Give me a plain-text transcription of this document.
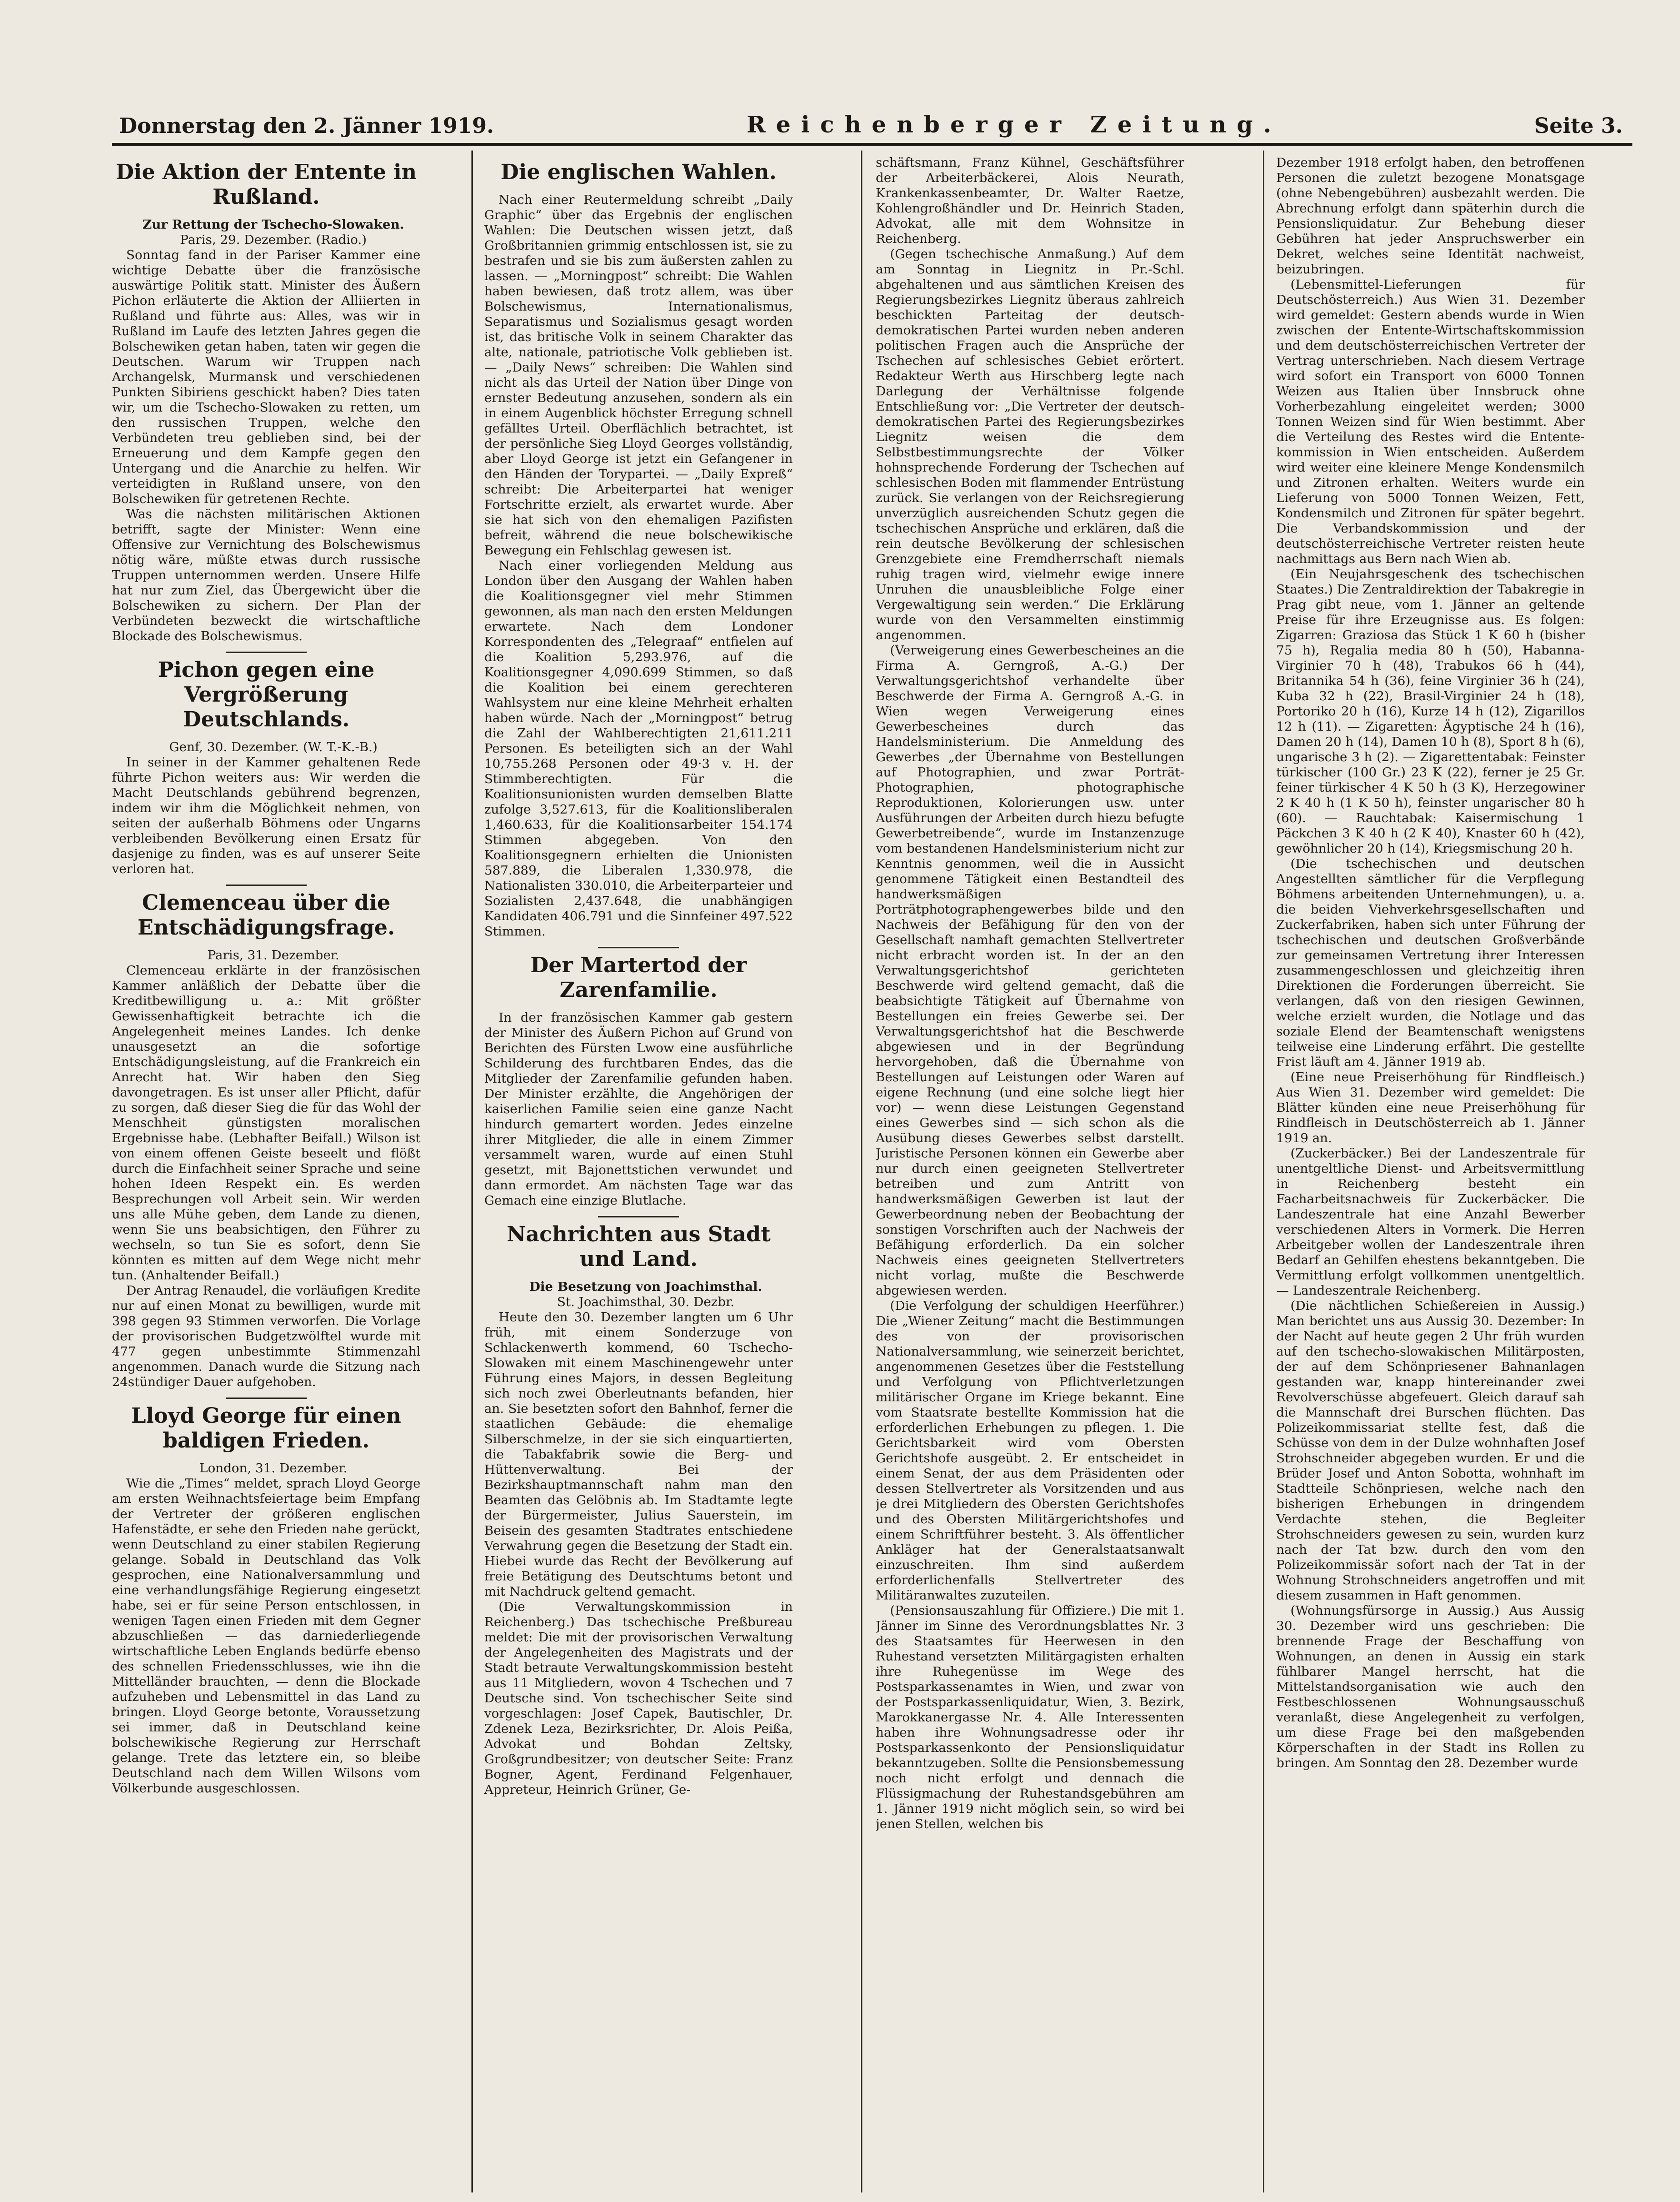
Donnerstag den 2. Jänner 1919.	Reichenberger Zeitung.	Seite 3.
Die Aktion der Entente in Rußland.

Zur Rettung der Tschecho-Slowaken.

Paris, 29. Dezember. (Radio.)

Sonntag fand in der Pariser Kammer eine wichtige Debatte über die französische auswärtige Politik statt. Minister des Äußern Pichon erläuterte die Aktion der Alliierten in Rußland und führte aus: Alles, was wir in Rußland im Laufe des letzten Jahres gegen die Bolschewiken getan haben, taten wir gegen die Deutschen. Warum wir Truppen nach Archangelsk, Murmansk und verschiedenen Punkten Sibiriens geschickt haben? Dies taten wir, um die Tschecho-Slowaken zu retten, um den russischen Truppen, welche den Verbündeten treu geblieben sind, bei der Erneuerung und dem Kampfe gegen den Untergang und die Anarchie zu helfen. Wir verteidigten in Rußland unsere, von den Bolschewiken für getretenen Rechte.

Was die nächsten militärischen Aktionen betrifft, sagte der Minister: Wenn eine Offensive zur Vernichtung des Bolschewismus nötig wäre, müßte etwas durch russische Truppen unternommen werden. Unsere Hilfe hat nur zum Ziel, das Übergewicht über die Bolschewiken zu sichern. Der Plan der Verbündeten bezweckt die wirtschaftliche Blockade des Bolschewismus.

Pichon gegen eine Vergrößerung Deutschlands.

Genf, 30. Dezember. (W. T.-K.-B.)

In seiner in der Kammer gehaltenen Rede führte Pichon weiters aus: Wir werden die Macht Deutschlands gebührend begrenzen, indem wir ihm die Möglichkeit nehmen, von seiten der außerhalb Böhmens oder Ungarns verbleibenden Bevölkerung einen Ersatz für dasjenige zu finden, was es auf unserer Seite verloren hat.

Clemenceau über die Entschädigungsfrage.

Paris, 31. Dezember.

Clemenceau erklärte in der französischen Kammer anläßlich der Debatte über die Kreditbewilligung u. a.: Mit größter Gewissenhaftigkeit betrachte ich die Angelegenheit meines Landes. Ich denke unausgesetzt an die sofortige Entschädigungsleistung, auf die Frankreich ein Anrecht hat. Wir haben den Sieg davongetragen. Es ist unser aller Pflicht, dafür zu sorgen, daß dieser Sieg die für das Wohl der Menschheit günstigsten moralischen Ergebnisse habe. (Lebhafter Beifall.) Wilson ist von einem offenen Geiste beseelt und flößt durch die Einfachheit seiner Sprache und seine hohen Ideen Respekt ein. Es werden Besprechungen voll Arbeit sein. Wir werden uns alle Mühe geben, dem Lande zu dienen, wenn Sie uns beabsichtigen, den Führer zu wechseln, so tun Sie es sofort, denn Sie könnten es mitten auf dem Wege nicht mehr tun. (Anhaltender Beifall.)

Der Antrag Renaudel, die vorläufigen Kredite nur auf einen Monat zu bewilligen, wurde mit 398 gegen 93 Stimmen verworfen. Die Vorlage der provisorischen Budgetzwölftel wurde mit 477 gegen unbestimmte Stimmenzahl angenommen. Danach wurde die Sitzung nach 24stündiger Dauer aufgehoben.

Lloyd George für einen baldigen Frieden.

London, 31. Dezember.

Wie die „Times“ meldet, sprach Lloyd George am ersten Weihnachtsfeiertage beim Empfang der Vertreter der größeren englischen Hafenstädte, er sehe den Frieden nahe gerückt, wenn Deutschland zu einer stabilen Regierung gelange. Sobald in Deutschland das Volk gesprochen, eine Nationalversammlung und eine verhandlungsfähige Regierung eingesetzt habe, sei er für seine Person entschlossen, in wenigen Tagen einen Frieden mit dem Gegner abzuschließen — das darniederliegende wirtschaftliche Leben Englands bedürfe ebenso des schnellen Friedensschlusses, wie ihn die Mittelländer brauchten, — denn die Blockade aufzuheben und Lebensmittel in das Land zu bringen. Lloyd George betonte, Voraussetzung sei immer, daß in Deutschland keine bolschewikische Regierung zur Herrschaft gelange. Trete das letztere ein, so bleibe Deutschland nach dem Willen Wilsons vom Völkerbunde ausgeschlossen.

Die englischen Wahlen.

Nach einer Reutermeldung schreibt „Daily Graphic“ über das Ergebnis der englischen Wahlen: Die Deutschen wissen jetzt, daß Großbritannien grimmig entschlossen ist, sie zu bestrafen und sie bis zum äußersten zahlen zu lassen. — „Morningpost“ schreibt: Die Wahlen haben bewiesen, daß trotz allem, was über Bolschewismus, Internationalismus, Separatismus und Sozialismus gesagt worden ist, das britische Volk in seinem Charakter das alte, nationale, patriotische Volk geblieben ist. — „Daily News“ schreiben: Die Wahlen sind nicht als das Urteil der Nation über Dinge von ernster Bedeutung anzusehen, sondern als ein in einem Augenblick höchster Erregung schnell gefälltes Urteil. Oberflächlich betrachtet, ist der persönliche Sieg Lloyd Georges vollständig, aber Lloyd George ist jetzt ein Gefangener in den Händen der Torypartei. — „Daily Expreß“ schreibt: Die Arbeiterpartei hat weniger Fortschritte erzielt, als erwartet wurde. Aber sie hat sich von den ehemaligen Pazifisten befreit, während die neue bolschewikische Bewegung ein Fehlschlag gewesen ist.

Nach einer vorliegenden Meldung aus London über den Ausgang der Wahlen haben die Koalitionsgegner viel mehr Stimmen gewonnen, als man nach den ersten Meldungen erwartete. Nach dem Londoner Korrespondenten des „Telegraaf“ entfielen auf die Koalition 5,293.976, auf die Koalitionsgegner 4,090.699 Stimmen, so daß die Koalition bei einem gerechteren Wahlsystem nur eine kleine Mehrheit erhalten haben würde. Nach der „Morningpost“ betrug die Zahl der Wahlberechtigten 21,611.211 Personen. Es beteiligten sich an der Wahl 10,755.268 Personen oder 49·3 v. H. der Stimmberechtigten. Für die Koalitionsunionisten wurden demselben Blatte zufolge 3,527.613, für die Koalitionsliberalen 1,460.633, für die Koalitionsarbeiter 154.174 Stimmen abgegeben. Von den Koalitionsgegnern erhielten die Unionisten 587.889, die Liberalen 1,330.978, die Nationalisten 330.010, die Arbeiterparteier und Sozialisten 2,437.648, die unabhängigen Kandidaten 406.791 und die Sinnfeiner 497.522 Stimmen.

Der Martertod der Zarenfamilie.

In der französischen Kammer gab gestern der Minister des Äußern Pichon auf Grund von Berichten des Fürsten Lwow eine ausführliche Schilderung des furchtbaren Endes, das die Mitglieder der Zarenfamilie gefunden haben. Der Minister erzählte, die Angehörigen der kaiserlichen Familie seien eine ganze Nacht hindurch gemartert worden. Jedes einzelne ihrer Mitglieder, die alle in einem Zimmer versammelt waren, wurde auf einen Stuhl gesetzt, mit Bajonettstichen verwundet und dann ermordet. Am nächsten Tage war das Gemach eine einzige Blutlache.

Nachrichten aus Stadt und Land.

Die Besetzung von Joachimsthal.

St. Joachimsthal, 30. Dezbr.

Heute den 30. Dezember langten um 6 Uhr früh, mit einem Sonderzuge von Schlackenwerth kommend, 60 Tschecho-Slowaken mit einem Maschinengewehr unter Führung eines Majors, in dessen Begleitung sich noch zwei Oberleutnants befanden, hier an. Sie besetzten sofort den Bahnhof, ferner die staatlichen Gebäude: die ehemalige Silberschmelze, in der sie sich einquartierten, die Tabakfabrik sowie die Berg- und Hüttenverwaltung. Bei der Bezirkshauptmannschaft nahm man den Beamten das Gelöbnis ab. Im Stadtamte legte der Bürgermeister, Julius Sauerstein, im Beisein des gesamten Stadtrates entschiedene Verwahrung gegen die Besetzung der Stadt ein. Hiebei wurde das Recht der Bevölkerung auf freie Betätigung des Deutschtums betont und mit Nachdruck geltend gemacht.

(Die Verwaltungskommission in Reichenberg.) Das tschechische Preßbureau meldet: Die mit der provisorischen Verwaltung der Angelegenheiten des Magistrats und der Stadt betraute Verwaltungskommission besteht aus 11 Mitgliedern, wovon 4 Tschechen und 7 Deutsche sind. Von tschechischer Seite sind vorgeschlagen: Josef Capek, Bautischler, Dr. Zdenek Leza, Bezirksrichter, Dr. Alois Peißa, Advokat und Bohdan Zeltsky, Großgrundbesitzer; von deutscher Seite: Franz Bogner, Agent, Ferdinand Felgenhauer, Appreteur, Heinrich Grüner, Ge-

schäftsmann, Franz Kühnel, Geschäftsführer der Arbeiterbäckerei, Alois Neurath, Krankenkassenbeamter, Dr. Walter Raetze, Kohlengroßhändler und Dr. Heinrich Staden, Advokat, alle mit dem Wohnsitze in Reichenberg.

(Gegen tschechische Anmaßung.) Auf dem am Sonntag in Liegnitz in Pr.-Schl. abgehaltenen und aus sämtlichen Kreisen des Regierungsbezirkes Liegnitz überaus zahlreich beschickten Parteitag der deutsch-demokratischen Partei wurden neben anderen politischen Fragen auch die Ansprüche der Tschechen auf schlesisches Gebiet erörtert. Redakteur Werth aus Hirschberg legte nach Darlegung der Verhältnisse folgende Entschließung vor: „Die Vertreter der deutsch-demokratischen Partei des Regierungsbezirkes Liegnitz weisen die dem Selbstbestimmungsrechte der Völker hohnsprechende Forderung der Tschechen auf schlesischen Boden mit flammender Entrüstung zurück. Sie verlangen von der Reichsregierung unverzüglich ausreichenden Schutz gegen die tschechischen Ansprüche und erklären, daß die rein deutsche Bevölkerung der schlesischen Grenzgebiete eine Fremdherrschaft niemals ruhig tragen wird, vielmehr ewige innere Unruhen die unausbleibliche Folge einer Vergewaltigung sein werden.“ Die Erklärung wurde von den Versammelten einstimmig angenommen.

(Verweigerung eines Gewerbescheines an die Firma A. Gerngroß, A.-G.) Der Verwaltungsgerichtshof verhandelte über Beschwerde der Firma A. Gerngroß A.-G. in Wien wegen Verweigerung eines Gewerbescheines durch das Handelsministerium. Die Anmeldung des Gewerbes „der Übernahme von Bestellungen auf Photographien, und zwar Porträt-Photographien, photographische Reproduktionen, Kolorierungen usw. unter Ausführungen der Arbeiten durch hiezu befugte Gewerbetreibende“, wurde im Instanzenzuge vom bestandenen Handelsministerium nicht zur Kenntnis genommen, weil die in Aussicht genommene Tätigkeit einen Bestandteil des handwerksmäßigen Porträtphotographengewerbes bilde und den Nachweis der Befähigung für den von der Gesellschaft namhaft gemachten Stellvertreter nicht erbracht worden ist. In der an den Verwaltungsgerichtshof gerichteten Beschwerde wird geltend gemacht, daß die beabsichtigte Tätigkeit auf Übernahme von Bestellungen ein freies Gewerbe sei. Der Verwaltungsgerichtshof hat die Beschwerde abgewiesen und in der Begründung hervorgehoben, daß die Übernahme von Bestellungen auf Leistungen oder Waren auf eigene Rechnung (und eine solche liegt hier vor) — wenn diese Leistungen Gegenstand eines Gewerbes sind — sich schon als die Ausübung dieses Gewerbes selbst darstellt. Juristische Personen können ein Gewerbe aber nur durch einen geeigneten Stellvertreter betreiben und zum Antritt von handwerksmäßigen Gewerben ist laut der Gewerbeordnung neben der Beobachtung der sonstigen Vorschriften auch der Nachweis der Befähigung erforderlich. Da ein solcher Nachweis eines geeigneten Stellvertreters nicht vorlag, mußte die Beschwerde abgewiesen werden.

(Die Verfolgung der schuldigen Heerführer.) Die „Wiener Zeitung“ macht die Bestimmungen des von der provisorischen Nationalversammlung, wie seinerzeit berichtet, angenommenen Gesetzes über die Feststellung und Verfolgung von Pflichtverletzungen militärischer Organe im Kriege bekannt. Eine vom Staatsrate bestellte Kommission hat die erforderlichen Erhebungen zu pflegen. 1. Die Gerichtsbarkeit wird vom Obersten Gerichtshofe ausgeübt. 2. Er entscheidet in einem Senat, der aus dem Präsidenten oder dessen Stellvertreter als Vorsitzenden und aus je drei Mitgliedern des Obersten Gerichtshofes und des Obersten Militärgerichtshofes und einem Schriftführer besteht. 3. Als öffentlicher Ankläger hat der Generalstaatsanwalt einzuschreiten. Ihm sind außerdem erforderlichenfalls Stellvertreter des Militäranwaltes zuzuteilen.

(Pensionsauszahlung für Offiziere.) Die mit 1. Jänner im Sinne des Verordnungsblattes Nr. 3 des Staatsamtes für Heerwesen in den Ruhestand versetzten Militärgagisten erhalten ihre Ruhegenüsse im Wege des Postsparkassenamtes in Wien, und zwar von der Postsparkassenliquidatur, Wien, 3. Bezirk, Marokkanergasse Nr. 4. Alle Interessenten haben ihre Wohnungsadresse oder ihr Postsparkassenkonto der Pensionsliquidatur bekanntzugeben. Sollte die Pensionsbemessung noch nicht erfolgt und dennach die Flüssigmachung der Ruhestandsgebühren am 1. Jänner 1919 nicht möglich sein, so wird bei jenen Stellen, welchen bis

Dezember 1918 erfolgt haben, den betroffenen Personen die zuletzt bezogene Monatsgage (ohne Nebengebühren) ausbezahlt werden. Die Abrechnung erfolgt dann späterhin durch die Pensionsliquidatur. Zur Behebung dieser Gebühren hat jeder Anspruchswerber ein Dekret, welches seine Identität nachweist, beizubringen.

(Lebensmittel-Lieferungen für Deutschösterreich.) Aus Wien 31. Dezember wird gemeldet: Gestern abends wurde in Wien zwischen der Entente-Wirtschaftskommission und dem deutschösterreichischen Vertreter der Vertrag unterschrieben. Nach diesem Vertrage wird sofort ein Transport von 6000 Tonnen Weizen aus Italien über Innsbruck ohne Vorherbezahlung eingeleitet werden; 3000 Tonnen Weizen sind für Wien bestimmt. Aber die Verteilung des Restes wird die Entente-kommission in Wien entscheiden. Außerdem wird weiter eine kleinere Menge Kondensmilch und Zitronen erhalten. Weiters wurde ein Lieferung von 5000 Tonnen Weizen, Fett, Kondensmilch und Zitronen für später begehrt. Die Verbandskommission und der deutschösterreichische Vertreter reisten heute nachmittags aus Bern nach Wien ab.

(Ein Neujahrsgeschenk des tschechischen Staates.) Die Zentraldirektion der Tabakregie in Prag gibt neue, vom 1. Jänner an geltende Preise für ihre Erzeugnisse aus. Es folgen: Zigarren: Graziosa das Stück 1 K 60 h (bisher 75 h), Regalia media 80 h (50), Habanna-Virginier 70 h (48), Trabukos 66 h (44), Britannika 54 h (36), feine Virginier 36 h (24), Kuba 32 h (22), Brasil-Virginier 24 h (18), Portoriko 20 h (16), Kurze 14 h (12), Zigarillos 12 h (11). — Zigaretten: Ägyptische 24 h (16), Damen 20 h (14), Damen 10 h (8), Sport 8 h (6), ungarische 3 h (2). — Zigarettentabak: Feinster türkischer (100 Gr.) 23 K (22), ferner je 25 Gr. feiner türkischer 4 K 50 h (3 K), Herzegowiner 2 K 40 h (1 K 50 h), feinster ungarischer 80 h (60). — Rauchtabak: Kaisermischung 1 Päckchen 3 K 40 h (2 K 40), Knaster 60 h (42), gewöhnlicher 20 h (14), Kriegsmischung 20 h.

(Die tschechischen und deutschen Angestellten sämtlicher für die Verpflegung Böhmens arbeitenden Unternehmungen), u. a. die beiden Viehverkehrsgesellschaften und Zuckerfabriken, haben sich unter Führung der tschechischen und deutschen Großverbände zur gemeinsamen Vertretung ihrer Interessen zusammengeschlossen und gleichzeitig ihren Direktionen die Forderungen überreicht. Sie verlangen, daß von den riesigen Gewinnen, welche erzielt wurden, die Notlage und das soziale Elend der Beamtenschaft wenigstens teilweise eine Linderung erfährt. Die gestellte Frist läuft am 4. Jänner 1919 ab.

(Eine neue Preiserhöhung für Rindfleisch.) Aus Wien 31. Dezember wird gemeldet: Die Blätter künden eine neue Preiserhöhung für Rindfleisch in Deutschösterreich ab 1. Jänner 1919 an.

(Zuckerbäcker.) Bei der Landeszentrale für unentgeltliche Dienst- und Arbeitsvermittlung in Reichenberg besteht ein Facharbeitsnachweis für Zuckerbäcker. Die Landeszentrale hat eine Anzahl Bewerber verschiedenen Alters in Vormerk. Die Herren Arbeitgeber wollen der Landeszentrale ihren Bedarf an Gehilfen ehestens bekanntgeben. Die Vermittlung erfolgt vollkommen unentgeltlich. — Landeszentrale Reichenberg.

(Die nächtlichen Schießereien in Aussig.) Man berichtet uns aus Aussig 30. Dezember: In der Nacht auf heute gegen 2 Uhr früh wurden auf den tschecho-slowakischen Militärposten, der auf dem Schönpriesener Bahnanlagen gestanden war, knapp hintereinander zwei Revolverschüsse abgefeuert. Gleich darauf sah die Mannschaft drei Burschen flüchten. Das Polizeikommissariat stellte fest, daß die Schüsse von dem in der Dulze wohnhaften Josef Strohschneider abgegeben wurden. Er und die Brüder Josef und Anton Sobotta, wohnhaft im Stadtteile Schönpriesen, welche nach den bisherigen Erhebungen in dringendem Verdachte stehen, die Begleiter Strohschneiders gewesen zu sein, wurden kurz nach der Tat bzw. durch den vom den Polizeikommissär sofort nach der Tat in der Wohnung Strohschneiders angetroffen und mit diesem zusammen in Haft genommen.

(Wohnungsfürsorge in Aussig.) Aus Aussig 30. Dezember wird uns geschrieben: Die brennende Frage der Beschaffung von Wohnungen, an denen in Aussig ein stark fühlbarer Mangel herrscht, hat die Mittelstandsorganisation wie auch den Festbeschlossenen Wohnungsausschuß veranlaßt, diese Angelegenheit zu verfolgen, um diese Frage bei den maßgebenden Körperschaften in der Stadt ins Rollen zu bringen. Am Sonntag den 28. Dezember wurde
